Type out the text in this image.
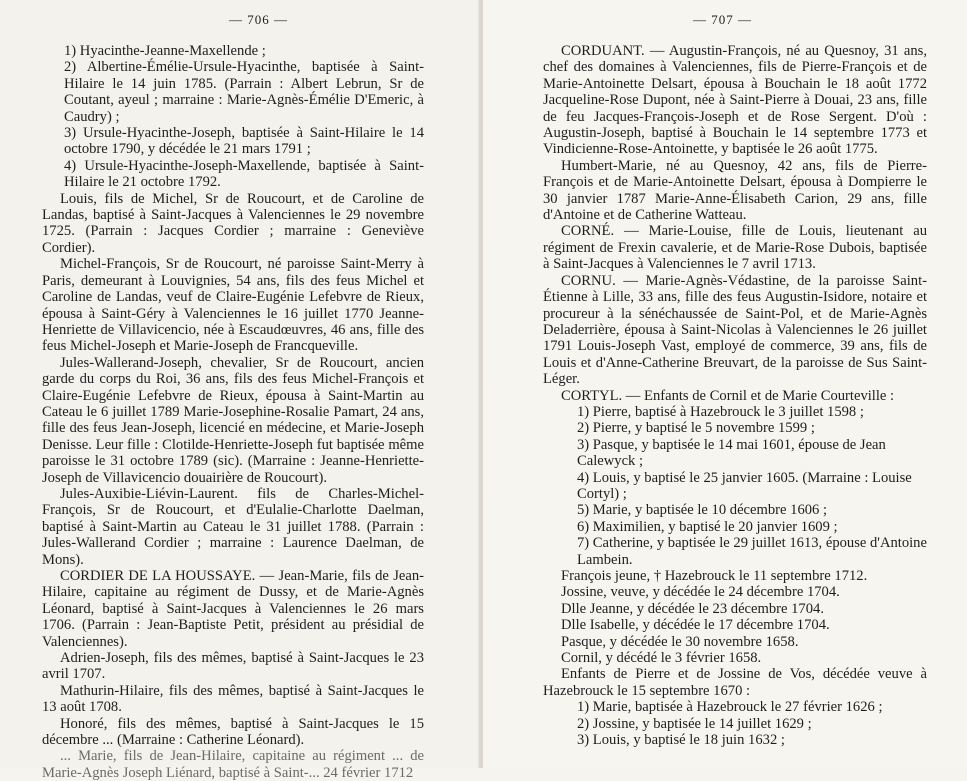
— 706 —

1) Hyacinthe-Jeanne-Maxellende ;

2) Albertine-Émélie-Ursule-Hyacinthe, baptisée à Saint-Hilaire le 14 juin 1785. (Parrain : Albert Lebrun, Sr de Coutant, ayeul ; marraine : Marie-Agnès-Émélie D'Emeric, à Caudry) ;

3) Ursule-Hyacinthe-Joseph, baptisée à Saint-Hilaire le 14 octobre 1790, y décédée le 21 mars 1791 ;

4) Ursule-Hyacinthe-Joseph-Maxellende, baptisée à Saint-Hilaire le 21 octobre 1792.

Louis, fils de Michel, Sr de Roucourt, et de Caroline de Landas, baptisé à Saint-Jacques à Valenciennes le 29 novembre 1725. (Parrain : Jacques Cordier ; marraine : Geneviève Cordier).

Michel-François, Sr de Roucourt, né paroisse Saint-Merry à Paris, demeurant à Louvignies, 54 ans, fils des feus Michel et Caroline de Landas, veuf de Claire-Eugénie Lefebvre de Rieux, épousa à Saint-Géry à Valenciennes le 16 juillet 1770 Jeanne-Henriette de Villavicencio, née à Escaudœuvres, 46 ans, fille des feus Michel-Joseph et Marie-Joseph de Francqueville.

Jules-Wallerand-Joseph, chevalier, Sr de Roucourt, ancien garde du corps du Roi, 36 ans, fils des feus Michel-François et Claire-Eugénie Lefebvre de Rieux, épousa à Saint-Martin au Cateau le 6 juillet 1789 Marie-Josephine-Rosalie Pamart, 24 ans, fille des feus Jean-Joseph, licencié en médecine, et Marie-Joseph Denisse. Leur fille : Clotilde-Henriette-Joseph fut baptisée même paroisse le 31 octobre 1789 (sic). (Marraine : Jeanne-Henriette-Joseph de Villavicencio douairière de Roucourt).

Jules-Auxibie-Liévin-Laurent. fils de Charles-Michel-François, Sr de Roucourt, et d'Eulalie-Charlotte Daelman, baptisé à Saint-Martin au Cateau le 31 juillet 1788. (Parrain : Jules-Wallerand Cordier ; marraine : Laurence Daelman, de Mons).

CORDIER DE LA HOUSSAYE. — Jean-Marie, fils de Jean-Hilaire, capitaine au régiment de Dussy, et de Marie-Agnès Léonard, baptisé à Saint-Jacques à Valenciennes le 26 mars 1706. (Parrain : Jean-Baptiste Petit, président au présidial de Valenciennes).

Adrien-Joseph, fils des mêmes, baptisé à Saint-Jacques le 23 avril 1707.

Mathurin-Hilaire, fils des mêmes, baptisé à Saint-Jacques le 13 août 1708.

Honoré, fils des mêmes, baptisé à Saint-Jacques le 15 décembre ... (Marraine : Catherine Léonard).

... Marie, fils de Jean-Hilaire, capitaine au régiment ... de Marie-Agnès Joseph Liénard, baptisé à Saint-... 24 février 1712

— 707 —

CORDUANT. — Augustin-François, né au Quesnoy, 31 ans, chef des domaines à Valenciennes, fils de Pierre-François et de Marie-Antoinette Delsart, épousa à Bouchain le 18 août 1772 Jacqueline-Rose Dupont, née à Saint-Pierre à Douai, 23 ans, fille de feu Jacques-François-Joseph et de Rose Sergent. D'où : Augustin-Joseph, baptisé à Bouchain le 14 septembre 1773 et Vindicienne-Rose-Antoinette, y baptisée le 26 août 1775.

Humbert-Marie, né au Quesnoy, 42 ans, fils de Pierre-François et de Marie-Antoinette Delsart, épousa à Dompierre le 30 janvier 1787 Marie-Anne-Élisabeth Carion, 29 ans, fille d'Antoine et de Catherine Watteau.

CORNÉ. — Marie-Louise, fille de Louis, lieutenant au régiment de Frexin cavalerie, et de Marie-Rose Dubois, baptisée à Saint-Jacques à Valenciennes le 7 avril 1713.

CORNU. — Marie-Agnès-Védastine, de la paroisse Saint-Étienne à Lille, 33 ans, fille des feus Augustin-Isidore, notaire et procureur à la sénéchaussée de Saint-Pol, et de Marie-Agnès Deladerrière, épousa à Saint-Nicolas à Valenciennes le 26 juillet 1791 Louis-Joseph Vast, employé de commerce, 39 ans, fils de Louis et d'Anne-Catherine Breuvart, de la paroisse de Sus Saint-Léger.

CORTYL. — Enfants de Cornil et de Marie Courteville :

1) Pierre, baptisé à Hazebrouck le 3 juillet 1598 ;

2) Pierre, y baptisé le 5 novembre 1599 ;

3) Pasque, y baptisée le 14 mai 1601, épouse de Jean Calewyck ;

4) Louis, y baptisé le 25 janvier 1605. (Marraine : Louise Cortyl) ;

5) Marie, y baptisée le 10 décembre 1606 ;

6) Maximilien, y baptisé le 20 janvier 1609 ;

7) Catherine, y baptisée le 29 juillet 1613, épouse d'Antoine Lambein.

François jeune, † Hazebrouck le 11 septembre 1712.

Jossine, veuve, y décédée le 24 décembre 1704.

Dlle Jeanne, y décédée le 23 décembre 1704.

Dlle Isabelle, y décédée le 17 décembre 1704.

Pasque, y décédée le 30 novembre 1658.

Cornil, y décédé le 3 février 1658.

Enfants de Pierre et de Jossine de Vos, décédée veuve à Hazebrouck le 15 septembre 1670 :

1) Marie, baptisée à Hazebrouck le 27 février 1626 ;

2) Jossine, y baptisée le 14 juillet 1629 ;

3) Louis, y baptisé le 18 juin 1632 ;
